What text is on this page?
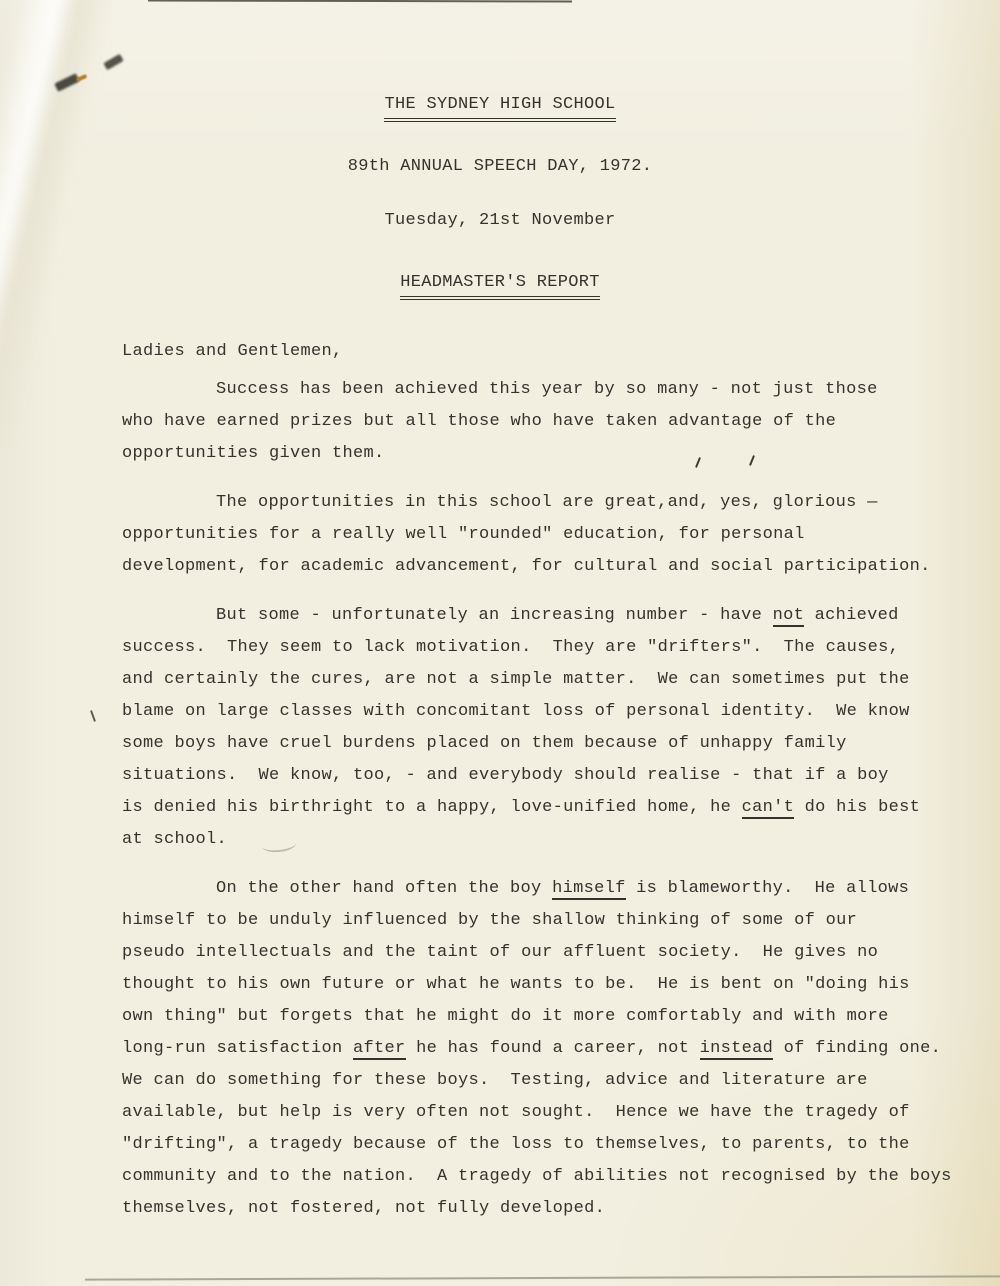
THE SYDNEY HIGH SCHOOL
89th ANNUAL SPEECH DAY, 1972.
Tuesday, 21st November
HEADMASTER'S REPORT
Ladies and Gentlemen,
Success has been achieved this year by so many - not just those
who have earned prizes but all those who have taken advantage of the
opportunities given them.
The opportunities in this school are great,and, yes, glorious —
opportunities for a really well "rounded" education, for personal
development, for academic advancement, for cultural and social participation.
But some - unfortunately an increasing number - have not achieved
success.  They seem to lack motivation.  They are "drifters".  The causes,
and certainly the cures, are not a simple matter.  We can sometimes put the
blame on large classes with concomitant loss of personal identity.  We know
some boys have cruel burdens placed on them because of unhappy family
situations.  We know, too, - and everybody should realise - that if a boy
is denied his birthright to a happy, love-unified home, he can't do his best
at school.
On the other hand often the boy himself is blameworthy.  He allows
himself to be unduly influenced by the shallow thinking of some of our
pseudo intellectuals and the taint of our affluent society.  He gives no
thought to his own future or what he wants to be.  He is bent on "doing his
own thing" but forgets that he might do it more comfortably and with more
long-run satisfaction after he has found a career, not instead of finding one.
We can do something for these boys.  Testing, advice and literature are
available, but help is very often not sought.  Hence we have the tragedy of
"drifting", a tragedy because of the loss to themselves, to parents, to the
community and to the nation.  A tragedy of abilities not recognised by the boys
themselves, not fostered, not fully developed.
